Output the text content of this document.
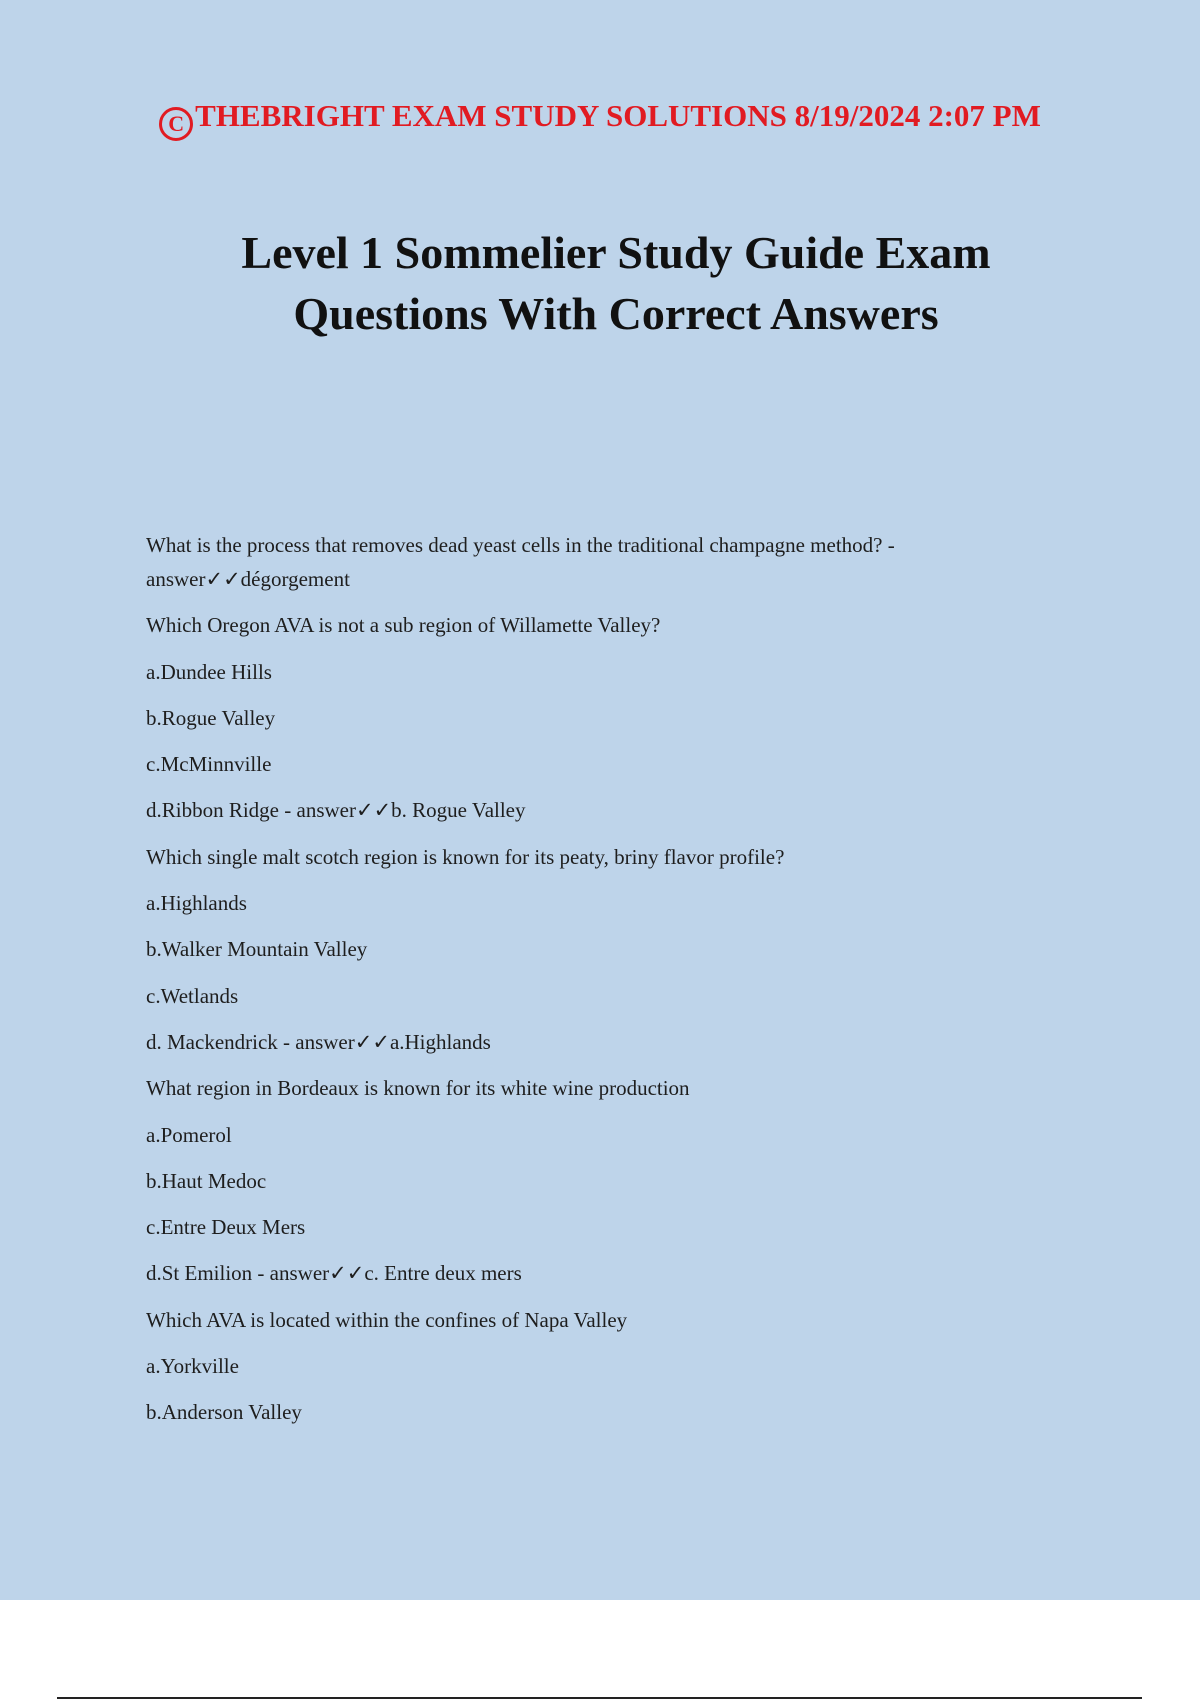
C THEBRIGHT EXAM STUDY SOLUTIONS 8/19/2024 2:07 PM
Level 1 Sommelier Study Guide Exam
Questions With Correct Answers

What is the process that removes dead yeast cells in the traditional champagne method? - answer✓✓dégorgement

Which Oregon AVA is not a sub region of Willamette Valley?

a.Dundee Hills

b.Rogue Valley

c.McMinnville

d.Ribbon Ridge - answer✓✓b. Rogue Valley

Which single malt scotch region is known for its peaty, briny flavor profile?

a.Highlands

b.Walker Mountain Valley

c.Wetlands

d. Mackendrick - answer✓✓a.Highlands

What region in Bordeaux is known for its white wine production

a.Pomerol

b.Haut Medoc

c.Entre Deux Mers

d.St Emilion - answer✓✓c. Entre deux mers

Which AVA is located within the confines of Napa Valley

a.Yorkville

b.Anderson Valley
